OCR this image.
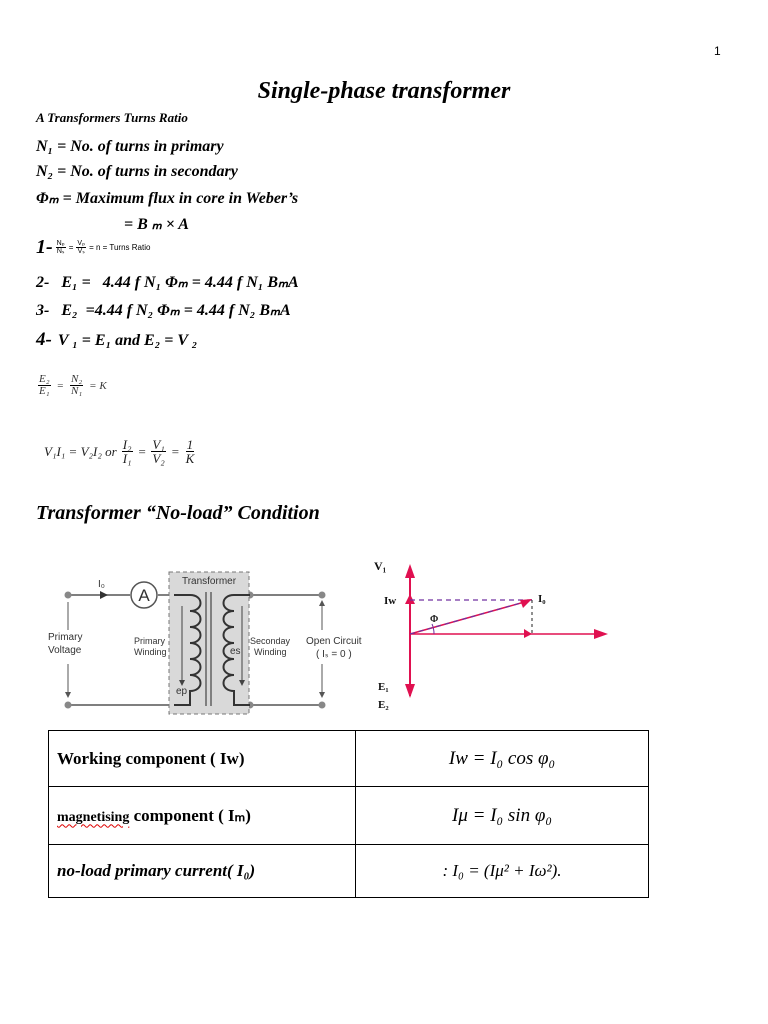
1
Single-phase transformer
A Transformers Turns Ratio
N₁ = No. of turns in primary
N₂ = No. of turns in secondary
Φₘ = Maximum flux in core in Weber’s
= B ₘ × A
$1- \frac{\text{Nₚ}}{\text{Nₛ}} = \frac{\text{Vₚ}}{\text{Vₛ}} = n$ = Turns Ratio
2-   E₁ =   4.44 f N₁ Φₘ = 4.44 f N₁ BₘA
3-   E₂  =4.44 f N₂ Φₘ = 4.44 f N₂ BₘA
4- V ₁ = E₁ and E₂ = V ₂
$\frac{\text{E₂}}{\text{E₁}} = \frac{\text{N₂}}{\text{N₁}} = K$
V₁I₁ = V₂I₂ or $\frac{\text{I₂}}{\text{I₁}} = \frac{\text{V₁}}{\text{V₂}} = \frac{1}{K}$
Transformer “No-load” Condition
I₀
A
Transformer
ep
es
Primary
Voltage
Primary
Winding
Seconday
Winding
Open Circuit
( Iₛ = 0 )
Φ
V₁
Iw	I₀
E₁
E₂
Working component ( Iw)	Iw = I₀ cos φ₀
magnetising component ( Iₘ)	Iμ = I₀ sin φ₀
no-load primary current( I₀)	: I₀ = (Iμ² + Iω²).
